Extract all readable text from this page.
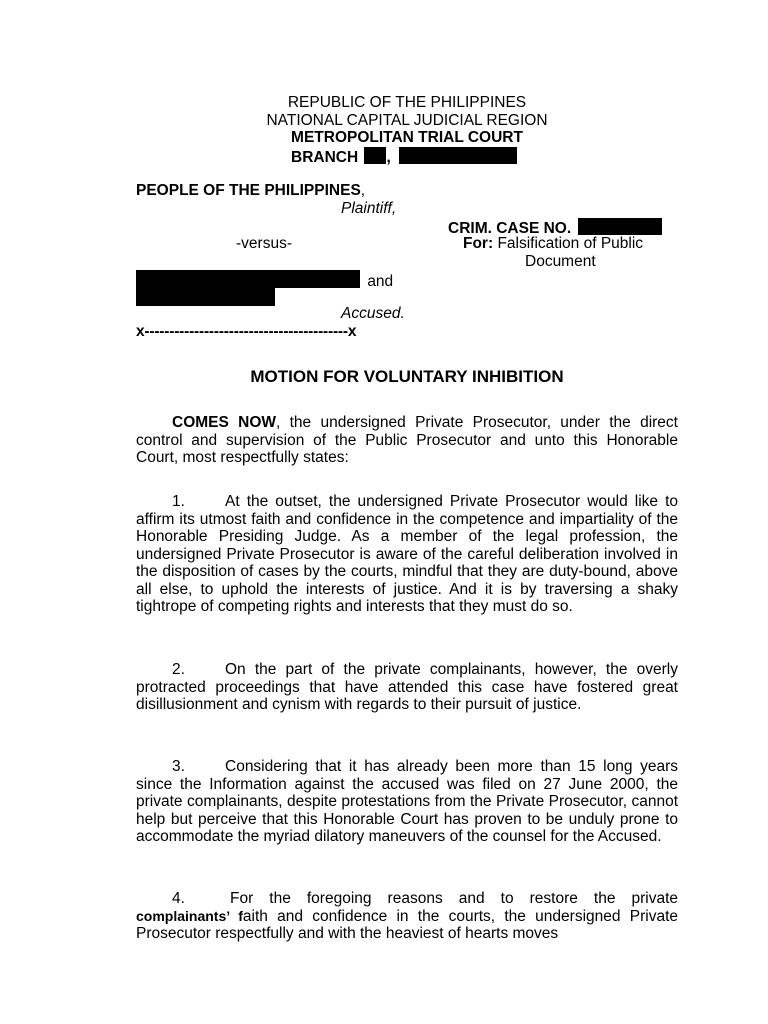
REPUBLIC OF THE PHILIPPINES
NATIONAL CAPITAL JUDICIAL REGION
METROPOLITAN TRIAL COURT
BRANCH ,
PEOPLE OF THE PHILIPPINES,
Plaintiff,
-versus-
and
Accused.
x-----------------------------------------x
CRIM. CASE NO.
For: Falsification of Public
Document
MOTION FOR VOLUNTARY INHIBITION
COMES NOW, the undersigned Private Prosecutor, under the direct control and supervision of the Public Prosecutor and unto this Honorable Court, most respectfully states:
1.	At the outset, the undersigned Private Prosecutor would like to affirm its utmost faith and confidence in the competence and impartiality of the Honorable Presiding Judge. As a member of the legal profession, the undersigned Private Prosecutor is aware of the careful deliberation involved in the disposition of cases by the courts, mindful that they are duty-bound, above all else, to uphold the interests of justice. And it is by traversing a shaky tightrope of competing rights and interests that they must do so.
2.	On the part of the private complainants, however, the overly protracted proceedings that have attended this case have fostered great disillusionment and cynism with regards to their pursuit of justice.
3.	Considering that it has already been more than 15 long years since the Information against the accused was filed on 27 June 2000, the private complainants, despite protestations from the Private Prosecutor, cannot help but perceive that this Honorable Court has proven to be unduly prone to accommodate the myriad dilatory maneuvers of the counsel for the Accused.
4.	For the foregoing reasons and to restore the private complainants’ faith and confidence in the courts, the undersigned Private Prosecutor respectfully and with the heaviest of hearts moves
